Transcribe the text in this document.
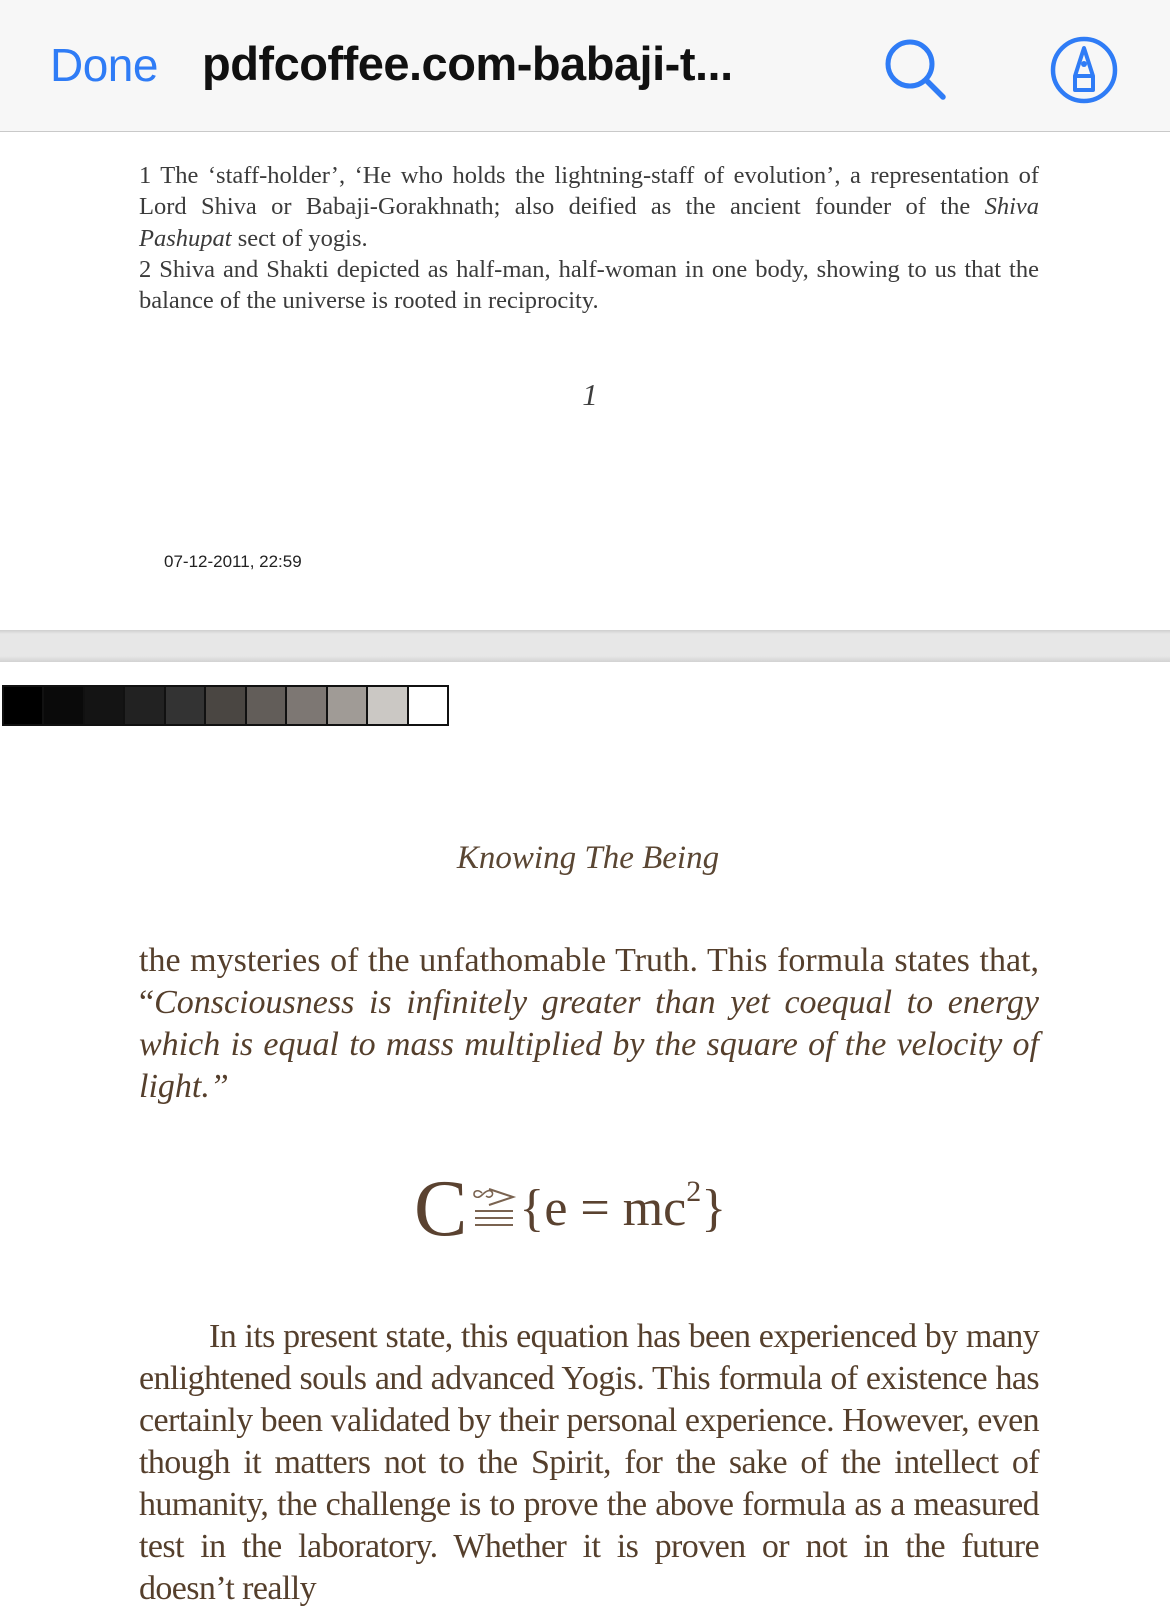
Done pdfcoffee.com-babaji-t...

1 The ‘staff-holder’, ‘He who holds the lightning-staff of evolution’, a representation of Lord Shiva or Babaji-Gorakhnath; also deified as the ancient founder of the Shiva Pashupat sect of yogis.

2 Shiva and Shakti depicted as half-man, half-woman in one body, showing to us that the balance of the universe is rooted in reciprocity.

1
07-12-2011, 22:59
Knowing The Being
the mysteries of the unfathomable Truth. This formula states that, “Consciousness is infinitely greater than yet coequal to energy which is equal to mass multiplied by the square of the velocity of light.”
C $\{e = mc^2\}$
In its present state, this equation has been experienced by many enlightened souls and advanced Yogis. This formula of existence has certainly been validated by their personal experience. However, even though it matters not to the Spirit, for the sake of the intellect of humanity, the challenge is to prove the above formula as a measured test in the laboratory. Whether it is proven or not in the future doesn’t really
